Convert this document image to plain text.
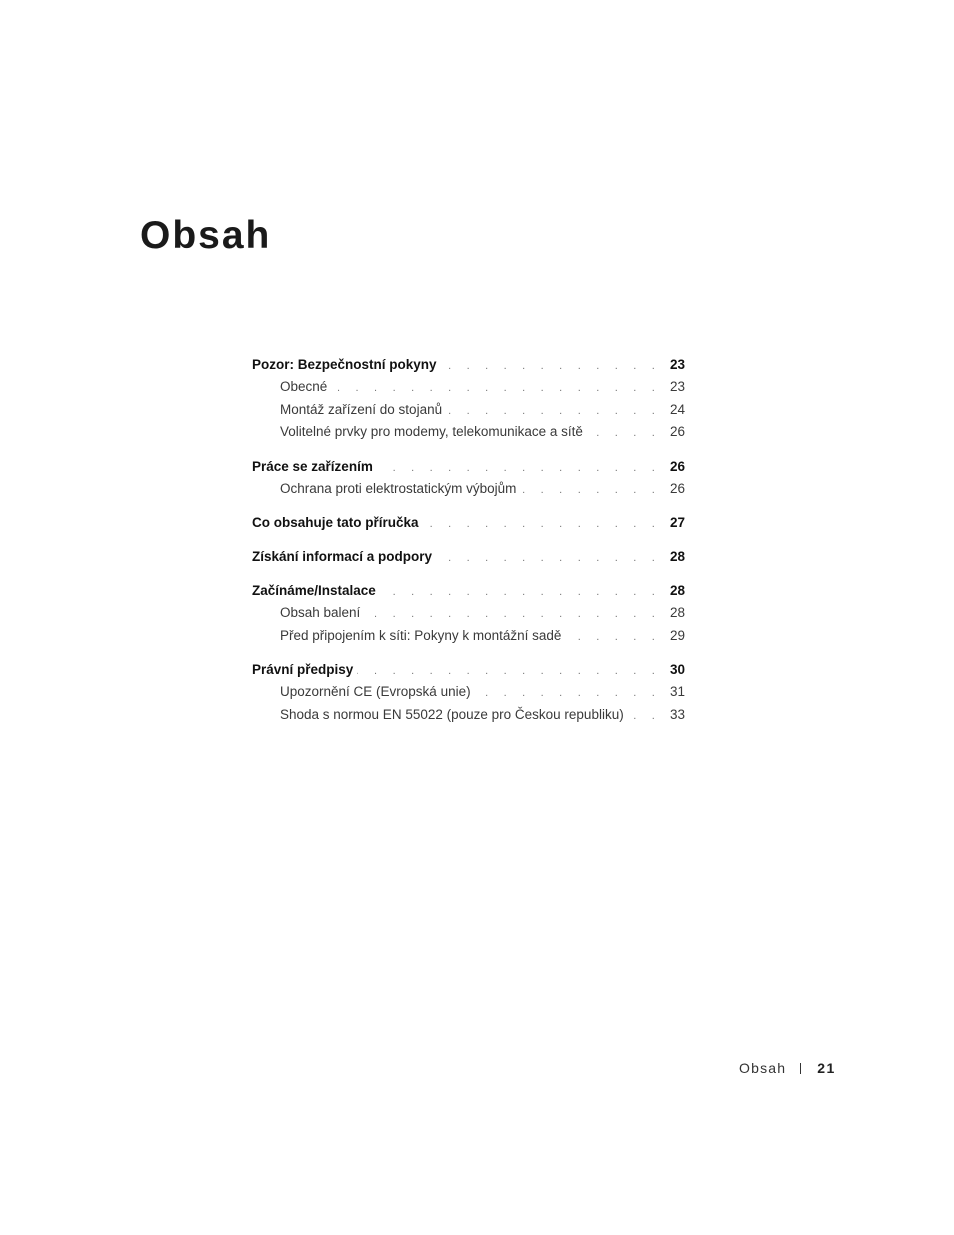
Obsah
Pozor: Bezpečnostní pokyny . . .	23
Obecné . . .	23
Montáž zařízení do stojanů . . .	24
Volitelné prvky pro modemy, telekomunikace a sítě . . .	26
Práce se zařízením . . .	26
Ochrana proti elektrostatickým výbojům . . .	26
Co obsahuje tato příručka . . .	27
Získání informací a podpory . . .	28
Začínáme/Instalace . . .	28
Obsah balení . . .	28
Před připojením k síti: Pokyny k montážní sadě . . .	29
Právní předpisy . . .	30
Upozornění CE (Evropská unie) . . .	31
Shoda s normou EN 55022 (pouze pro Českou republiku) . . .	33
Obsah 21
